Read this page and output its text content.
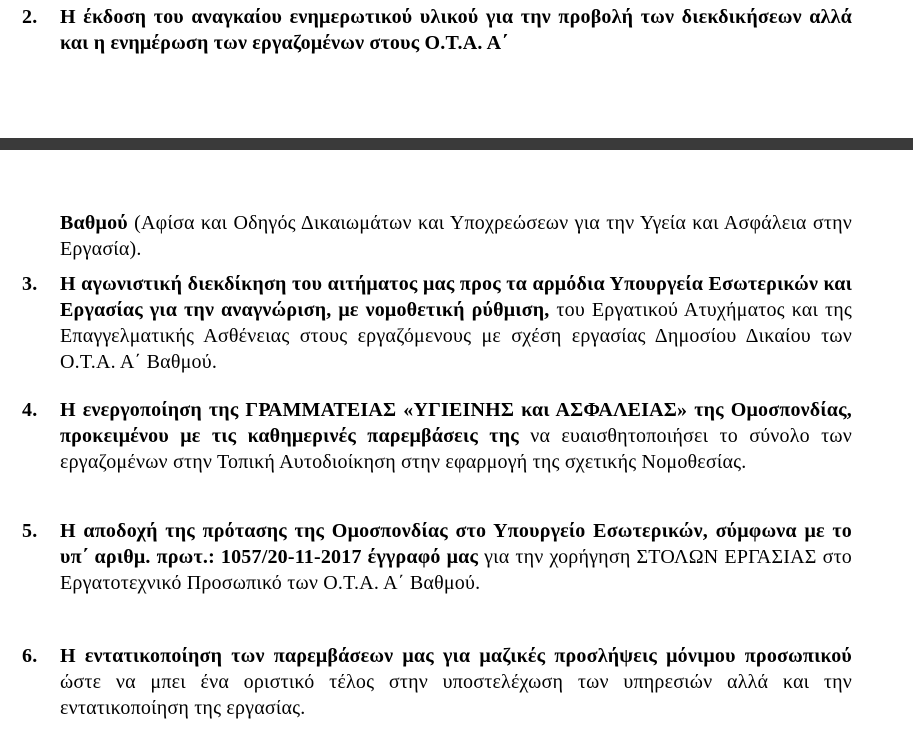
2.	Η έκδοση του αναγκαίου ενημερωτικού υλικού για την προβολή των διεκδικήσεων αλλά και η ενημέρωση των εργαζομένων στους Ο.Τ.Α. Α΄
Βαθμού (Αφίσα και Οδηγός Δικαιωμάτων και Υποχρεώσεων για την Υγεία και Ασφάλεια στην Εργασία).
3.	Η αγωνιστική διεκδίκηση του αιτήματος μας προς τα αρμόδια Υπουργεία Εσωτερικών και Εργασίας για την αναγνώριση, με νομοθετική ρύθμιση, του Εργατικού Ατυχήματος και της Επαγγελματικής Ασθένειας στους εργαζόμενους με σχέση εργασίας Δημοσίου Δικαίου των Ο.Τ.Α. Α΄ Βαθμού.
4.	Η ενεργοποίηση της ΓΡΑΜΜΑΤΕΙΑΣ «ΥΓΙΕΙΝΗΣ και ΑΣΦΑΛΕΙΑΣ» της Ομοσπονδίας, προκειμένου με τις καθημερινές παρεμβάσεις της να ευαισθητοποιήσει το σύνολο των εργαζομένων στην Τοπική Αυτοδιοίκηση στην εφαρμογή της σχετικής Νομοθεσίας.
5.	Η αποδοχή της πρότασης της Ομοσπονδίας στο Υπουργείο Εσωτερικών, σύμφωνα με το υπ΄ αριθμ. πρωτ.: 1057/20-11-2017 έγγραφό μας για την χορήγηση ΣΤΟΛΩΝ ΕΡΓΑΣΙΑΣ στο Εργατοτεχνικό Προσωπικό των Ο.Τ.Α. Α΄ Βαθμού.
6.	Η εντατικοποίηση των παρεμβάσεων μας για μαζικές προσλήψεις μόνιμου προσωπικού ώστε να μπει ένα οριστικό τέλος στην υποστελέχωση των υπηρεσιών αλλά και την εντατικοποίηση της εργασίας.
